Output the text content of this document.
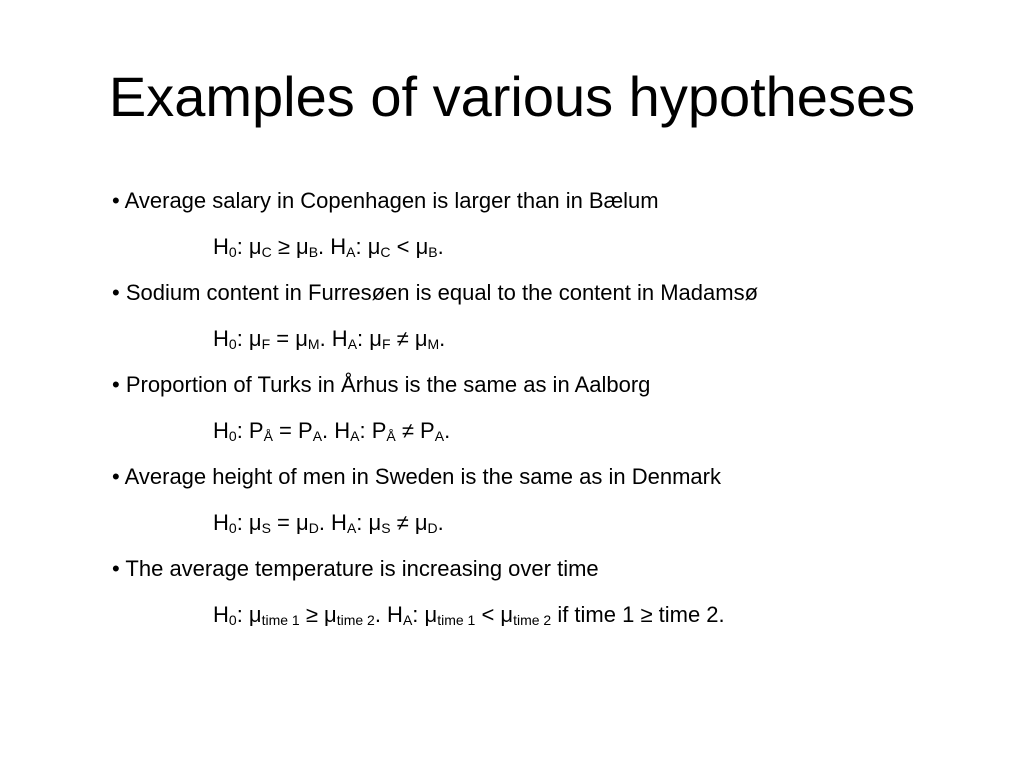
Examples of various hypotheses
• Average salary in Copenhagen is larger than in Bælum
$H_0$: $\mu_C \ge \mu_B$. $H_A$: $\mu_C < \mu_B$.
• Sodium content in Furresøen is equal to the content in Madamsø
$H_0$: $\mu_F = \mu_M$. $H_A$: $\mu_F \ne \mu_M$.
• Proportion of Turks in Århus is the same as in Aalborg
$H_0$: $P_Å = P_A$. $H_A$: $P_Å \ne P_A$.
• Average height of men in Sweden is the same as in Denmark
$H_0$: $\mu_S = \mu_D$. $H_A$: $\mu_S \ne \mu_D$.
• The average temperature is increasing over time
$H_0$: $\mu_{time 1} \ge \mu_{time 2}$. $H_A$: $\mu_{time 1} < \mu_{time 2}$ if time 1 ≥ time 2.
